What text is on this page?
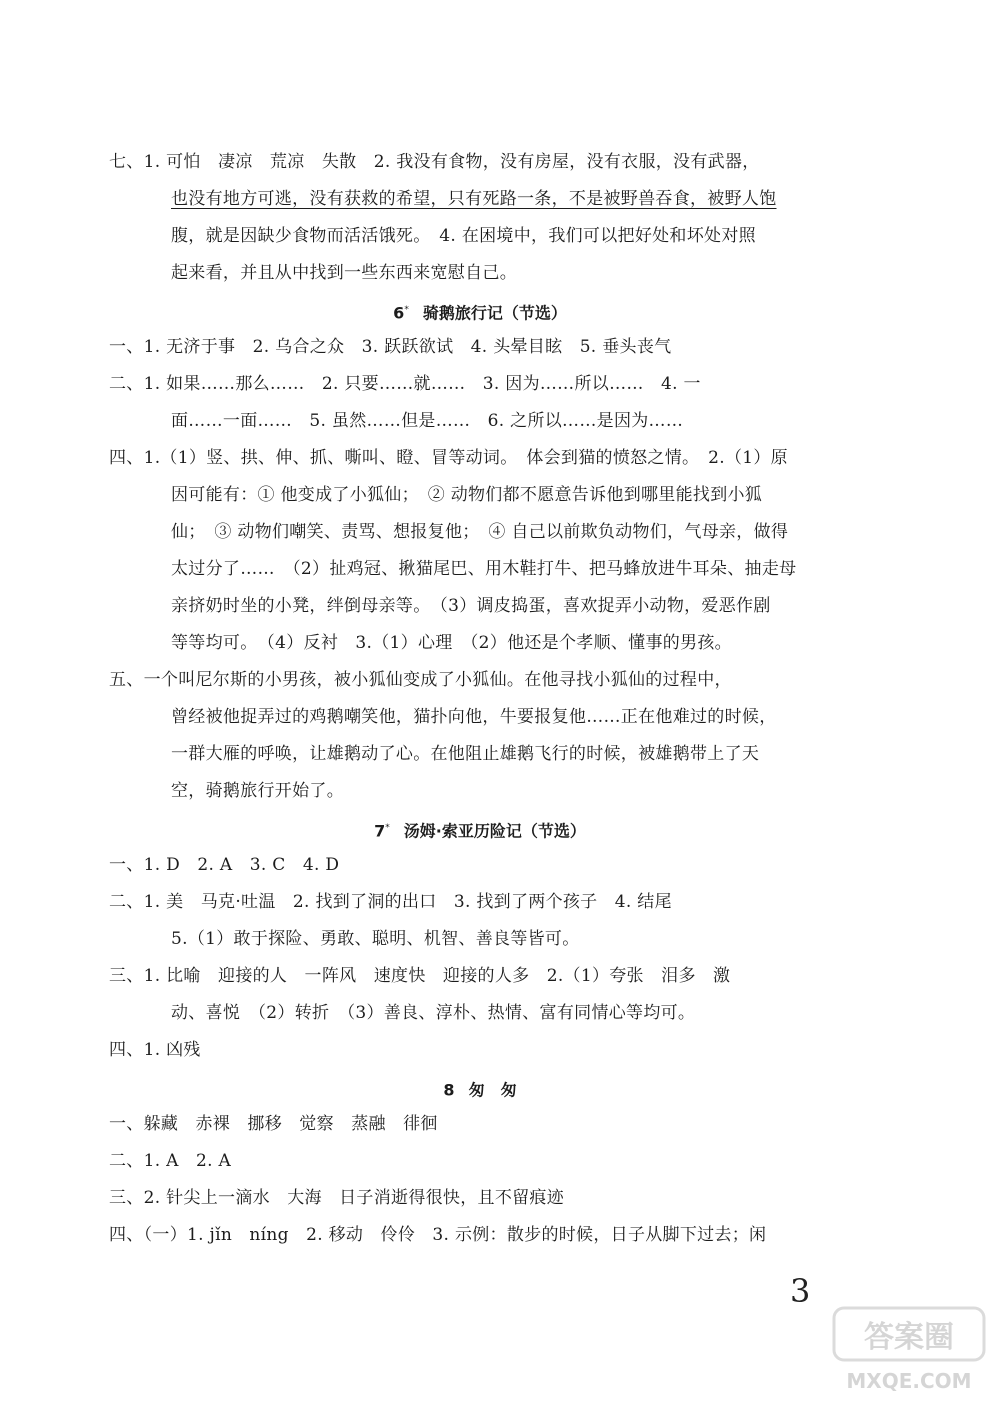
七、1. 可怕　凄凉　荒凉　失散　2. 我没有食物，没有房屋，没有衣服，没有武器，
也没有地方可逃，没有获救的希望，只有死路一条，不是被野兽吞食，被野人饱
腹，就是因缺少食物而活活饿死。　4. 在困境中，我们可以把好处和坏处对照
起来看，并且从中找到一些东西来宽慰自己。
6* 骑鹅旅行记（节选）
一、1. 无济于事　2. 乌合之众　3. 跃跃欲试　4. 头晕目眩　5. 垂头丧气
二、1. 如果……那么……　2. 只要……就……　3. 因为……所以……　4. 一
面……一面……　5. 虽然……但是……　6. 之所以……是因为……
四、1.（1）竖、拱、伸、抓、嘶叫、瞪、冒等动词。　体会到猫的愤怒之情。　2.（1）原
因可能有：① 他变成了小狐仙；　② 动物们都不愿意告诉他到哪里能找到小狐
仙；　③ 动物们嘲笑、责骂、想报复他；　④ 自己以前欺负动物们，气母亲，做得
太过分了……　（2）扯鸡冠、揪猫尾巴、用木鞋打牛、把马蜂放进牛耳朵、抽走母
亲挤奶时坐的小凳，绊倒母亲等。　（3）调皮捣蛋，喜欢捉弄小动物，爱恶作剧
等等均可。　（4）反衬　3.（1）心理　（2）他还是个孝顺、懂事的男孩。
五、一个叫尼尔斯的小男孩，被小狐仙变成了小狐仙。在他寻找小狐仙的过程中，
曾经被他捉弄过的鸡鹅嘲笑他，猫扑向他，牛要报复他……正在他难过的时候，
一群大雁的呼唤，让雄鹅动了心。在他阻止雄鹅飞行的时候，被雄鹅带上了天
空，骑鹅旅行开始了。
7* 汤姆·索亚历险记（节选）
一、1. D　2. A　3. C　4. D
二、1. 美　马克·吐温　2. 找到了洞的出口　3. 找到了两个孩子　4. 结尾
5.（1）敢于探险、勇敢、聪明、机智、善良等皆可。
三、1. 比喻　迎接的人　一阵风　速度快　迎接的人多　2.（1）夸张　泪多　激
动、喜悦　（2）转折　（3）善良、淳朴、热情、富有同情心等均可。
四、1. 凶残
8 匆　匆
一、躲藏　赤裸　挪移　觉察　蒸融　徘徊
二、1. A　2. A
三、2. 针尖上一滴水　大海　日子消逝得很快，且不留痕迹
四、（一）1. jǐn　níng　2. 移动　伶伶　3. 示例：散步的时候，日子从脚下过去；闲
3
答案圈
MXQE.COM
